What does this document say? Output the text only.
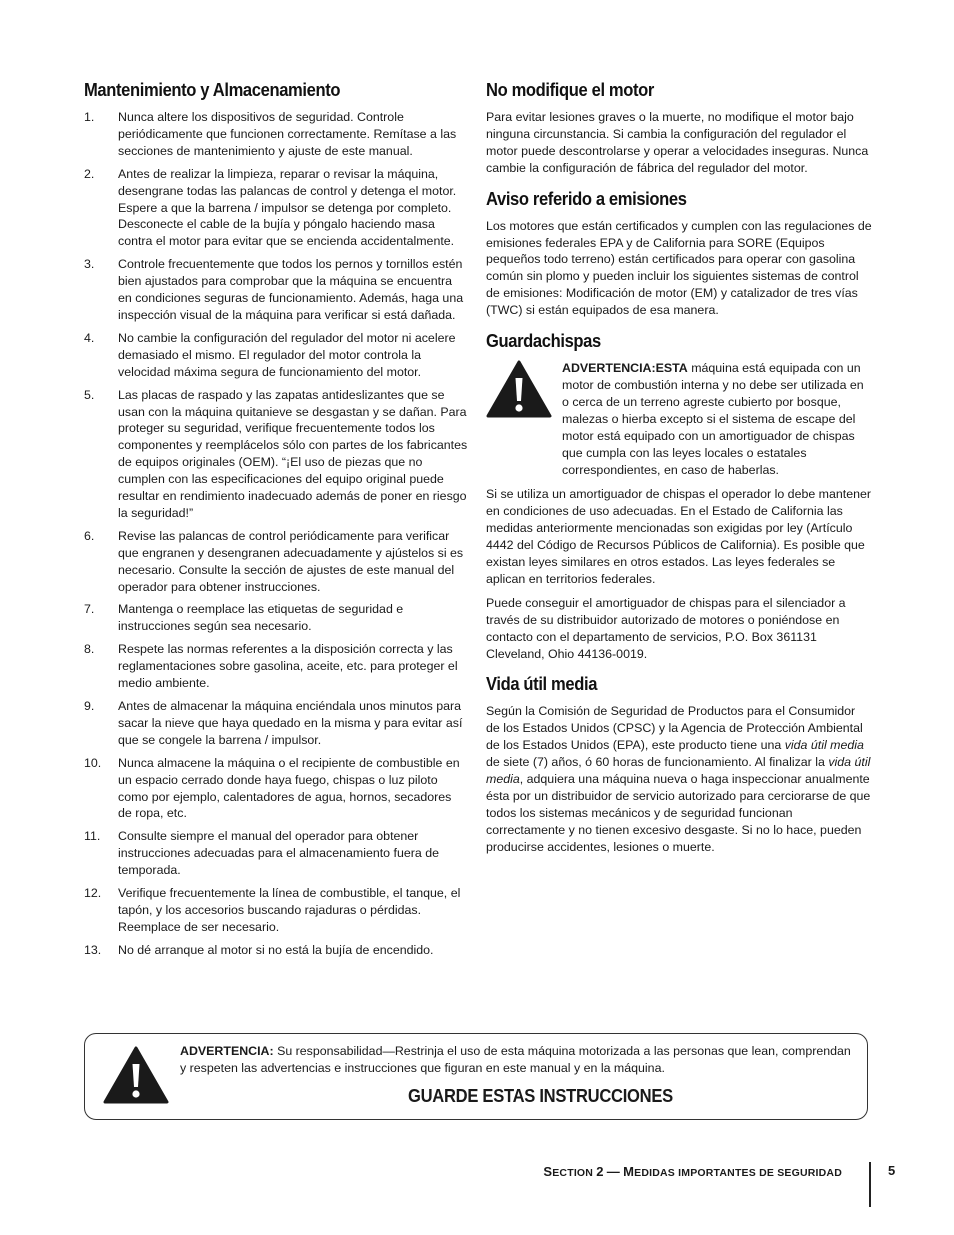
Mantenimiento y Almacenamiento
1. Nunca altere los dispositivos de seguridad. Controle periódicamente que funcionen correctamente. Remítase a las secciones de mantenimiento y ajuste de este manual.
2. Antes de realizar la limpieza, reparar o revisar la máquina, desengrane todas las palancas de control y detenga el motor. Espere a que la barrena / impulsor se detenga por completo. Desconecte el cable de la bujía y póngalo haciendo masa contra el motor para evitar que se encienda accidentalmente.
3. Controle frecuentemente que todos los pernos y tornillos estén bien ajustados para comprobar que la máquina se encuentra en condiciones seguras de funcionamiento. Además, haga una inspección visual de la máquina para verificar si está dañada.
4. No cambie la configuración del regulador del motor ni acelere demasiado el mismo. El regulador del motor controla la velocidad máxima segura de funcionamiento del motor.
5. Las placas de raspado y las zapatas antideslizantes que se usan con la máquina quitanieve se desgastan y se dañan. Para proteger su seguridad, verifique frecuentemente todos los componentes y reemplácelos sólo con partes de los fabricantes de equipos originales (OEM). “¡El uso de piezas que no cumplen con las especificaciones del equipo original puede resultar en rendimiento inadecuado además de poner en riesgo la seguridad!”
6. Revise las palancas de control periódicamente para verificar que engranen y desengranen adecuadamente y ajústelos si es necesario. Consulte la sección de ajustes de este manual del operador para obtener instrucciones.
7. Mantenga o reemplace las etiquetas de seguridad e instrucciones según sea necesario.
8. Respete las normas referentes a la disposición correcta y las reglamentaciones sobre gasolina, aceite, etc. para proteger el medio ambiente.
9. Antes de almacenar la máquina enciéndala unos minutos para sacar la nieve que haya quedado en la misma y para evitar así que se congele la barrena / impulsor.
10. Nunca almacene la máquina o el recipiente de combustible en un espacio cerrado donde haya fuego, chispas o luz piloto como por ejemplo, calentadores de agua, hornos, secadores de ropa, etc.
11. Consulte siempre el manual del operador para obtener instrucciones adecuadas para el almacenamiento fuera de temporada.
12. Verifique frecuentemente la línea de combustible, el tanque, el tapón, y los accesorios buscando rajaduras o pérdidas. Reemplace de ser necesario.
13. No dé arranque al motor si no está la bujía de encendido.
No modifique el motor

Para evitar lesiones graves o la muerte, no modifique el motor bajo ninguna circunstancia. Si cambia la configuración del regulador el motor puede descontrolarse y operar a velocidades inseguras. Nunca cambie la configuración de fábrica del regulador del motor.

Aviso referido a emisiones

Los motores que están certificados y cumplen con las regulaciones de emisiones federales EPA y de California para SORE (Equipos pequeños todo terreno) están certificados para operar con gasolina común sin plomo y pueden incluir los siguientes sistemas de control de emisiones: Modificación de motor (EM) y catalizador de tres vías (TWC) si están equipados de esa manera.

Guardachispas
ADVERTENCIA:ESTA máquina está equipada con un motor de combustión interna y no debe ser utilizada en o cerca de un terreno agreste cubierto por bosque, malezas o hierba excepto si el sistema de escape del motor está equipado con un amortiguador de chispas que cumpla con las leyes locales o estatales correspondientes, en caso de haberlas.

Si se utiliza un amortiguador de chispas el operador lo debe mantener en condiciones de uso adecuadas. En el Estado de California las medidas anteriormente mencionadas son exigidas por ley (Artículo 4442 del Código de Recursos Públicos de California). Es posible que existan leyes similares en otros estados. Las leyes federales se aplican en territorios federales.

Puede conseguir el amortiguador de chispas para el silenciador a través de su distribuidor autorizado de motores o poniéndose en contacto con el departamento de servicios, P.O. Box 361131 Cleveland, Ohio 44136-0019.

Vida útil media

Según la Comisión de Seguridad de Productos para el Consumidor de los Estados Unidos (CPSC) y la Agencia de Protección Ambiental de los Estados Unidos (EPA), este producto tiene una vida útil media de siete (7) años, ó 60 horas de funcionamiento. Al finalizar la vida útil media, adquiera una máquina nueva o haga inspeccionar anualmente ésta por un distribuidor de servicio autorizado para cerciorarse de que todos los sistemas mecánicos y de seguridad funcionan correctamente y no tienen excesivo desgaste. Si no lo hace, pueden producirse accidentes, lesiones o muerte.

ADVERTENCIA: Su responsabilidad—Restrinja el uso de esta máquina motorizada a las personas que lean, comprendan y respeten las advertencias e instrucciones que figuran en este manual y en la máquina.
GUARDE ESTAS INSTRUCCIONES
SECTION 2 — MEDIDAS IMPORTANTES DE SEGURIDAD	5
